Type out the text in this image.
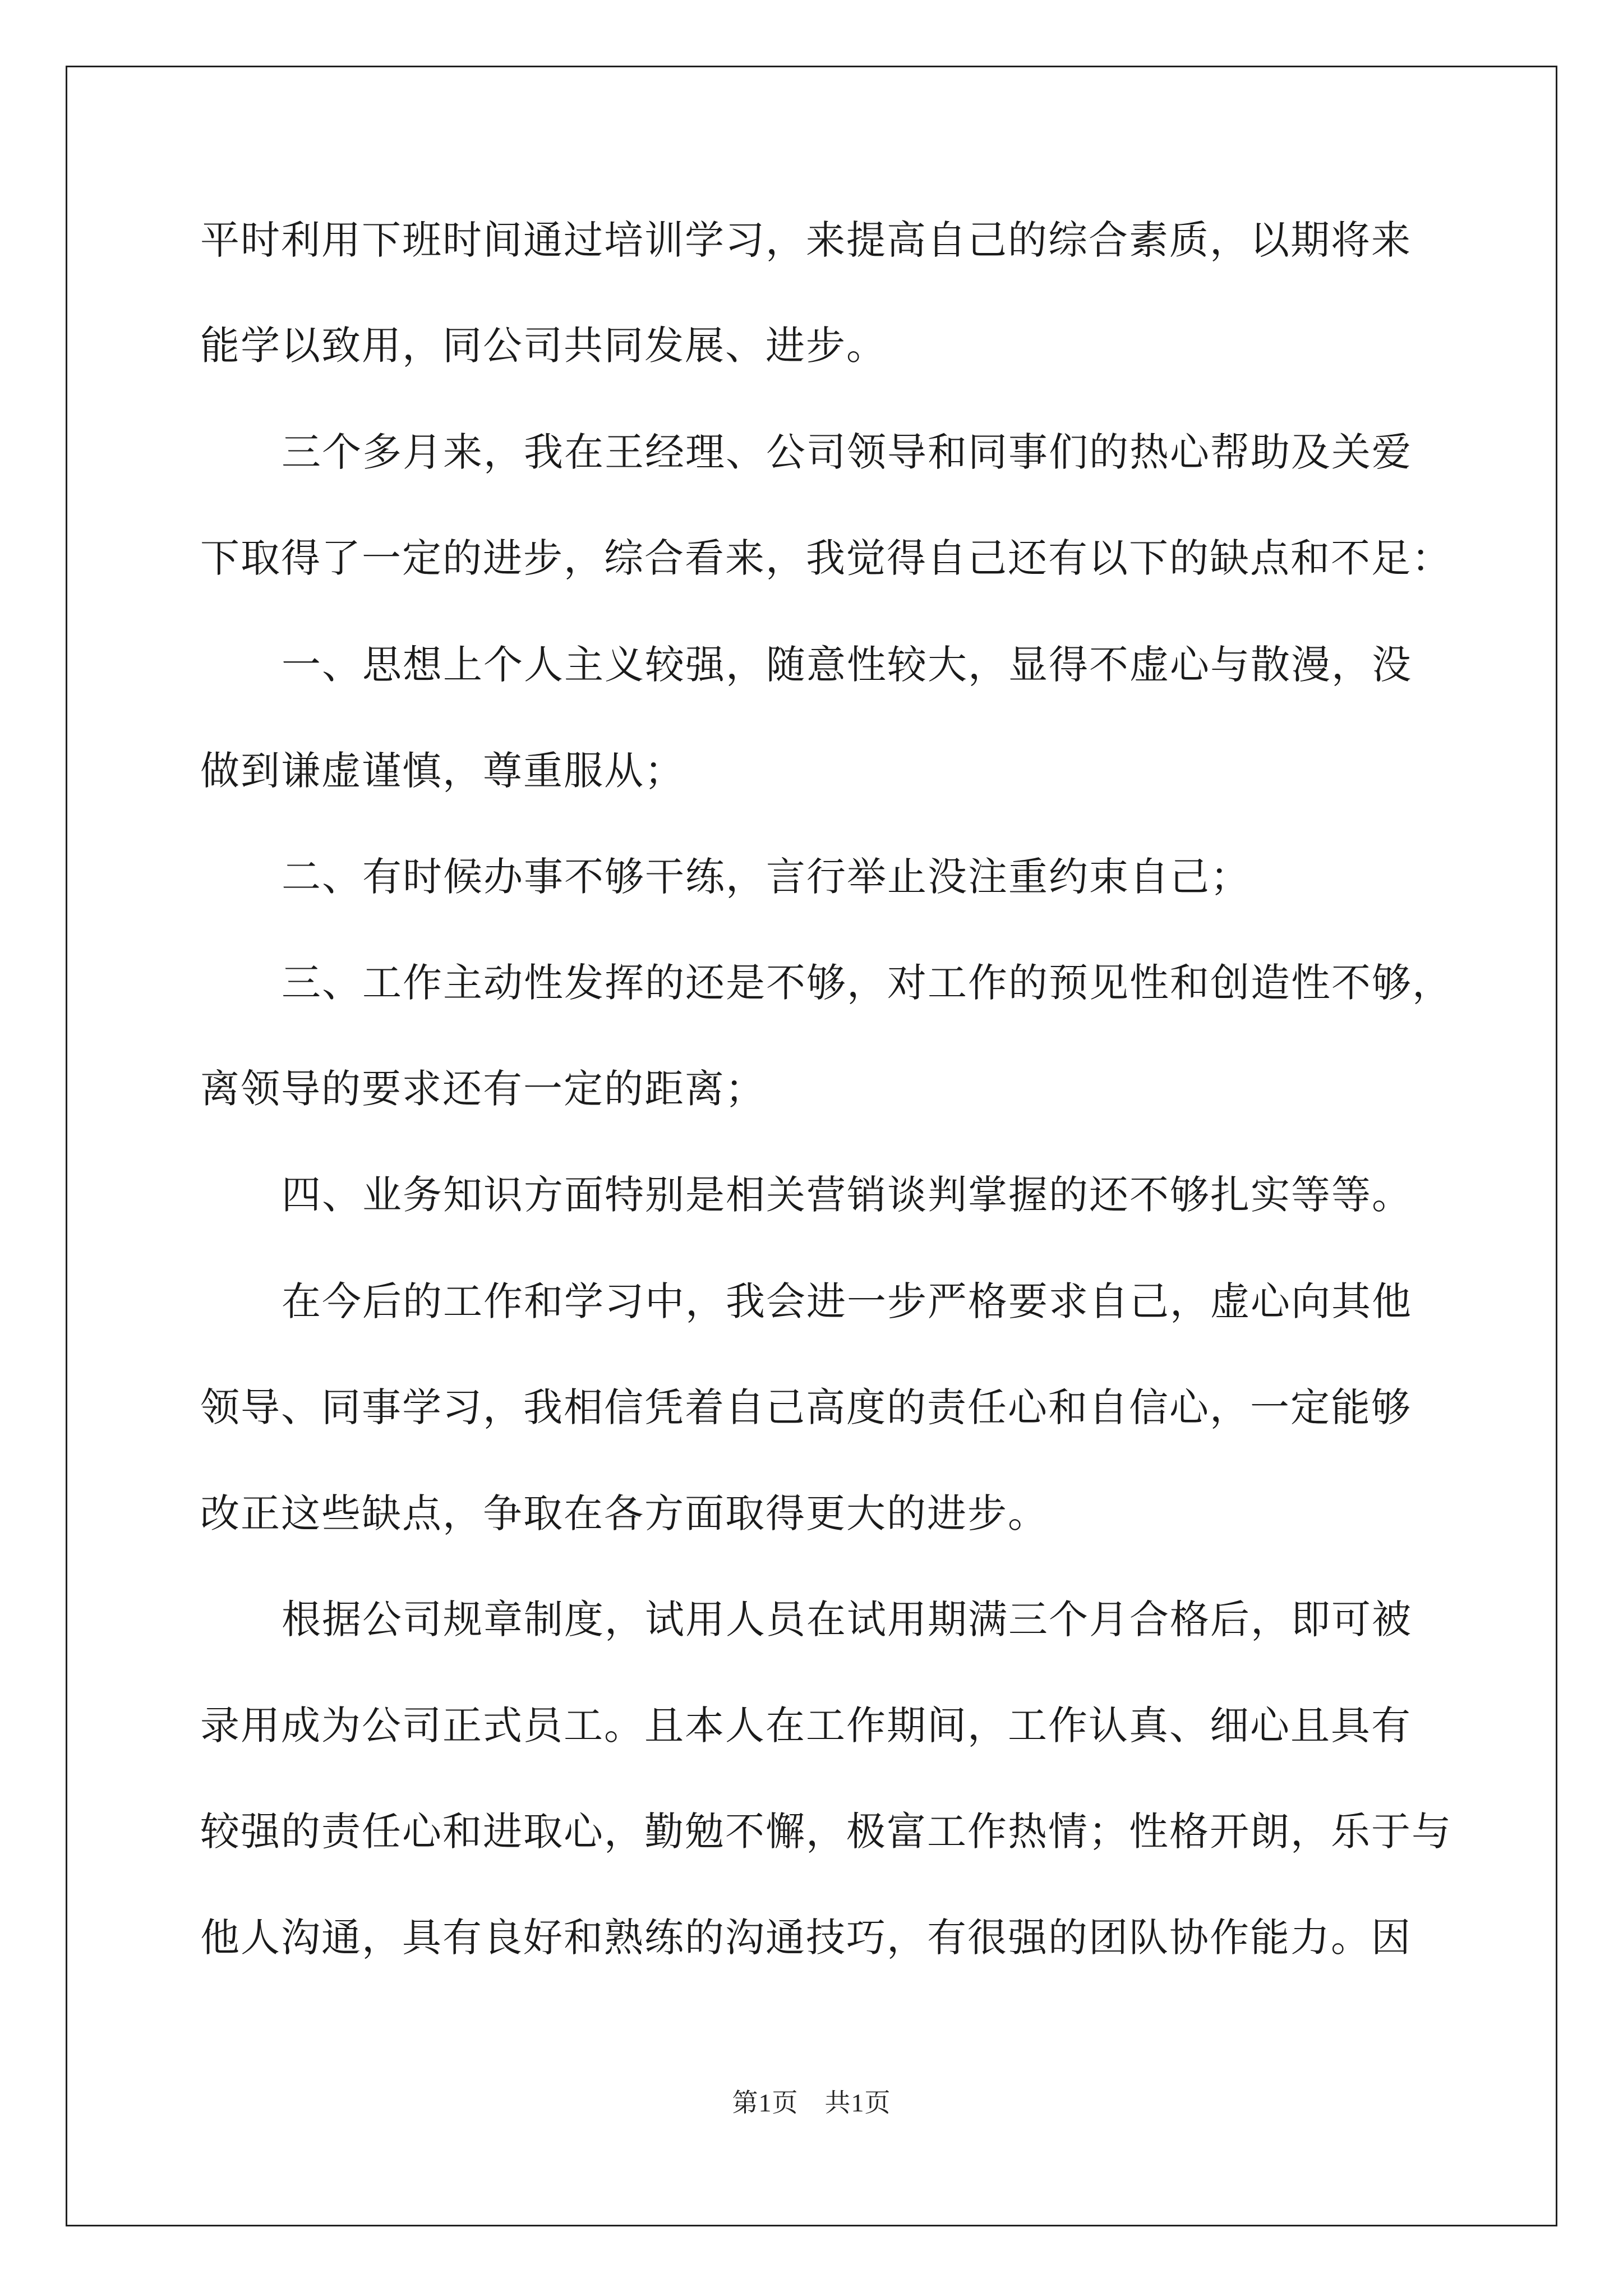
平时利用下班时间通过培训学习，来提高自己的综合素质，以期将来
能学以致用，同公司共同发展、进步。
三个多月来，我在王经理、公司领导和同事们的热心帮助及关爱
下取得了一定的进步，综合看来，我觉得自己还有以下的缺点和不足：
一、思想上个人主义较强，随意性较大，显得不虚心与散漫，没
做到谦虚谨慎，尊重服从；
二、有时候办事不够干练，言行举止没注重约束自己；
三、工作主动性发挥的还是不够，对工作的预见性和创造性不够，
离领导的要求还有一定的距离；
四、业务知识方面特别是相关营销谈判掌握的还不够扎实等等。
在今后的工作和学习中，我会进一步严格要求自己，虚心向其他
领导、同事学习，我相信凭着自己高度的责任心和自信心，一定能够
改正这些缺点，争取在各方面取得更大的进步。
根据公司规章制度，试用人员在试用期满三个月合格后，即可被
录用成为公司正式员工。且本人在工作期间，工作认真、细心且具有
较强的责任心和进取心，勤勉不懈，极富工作热情；性格开朗，乐于与
他人沟通，具有良好和熟练的沟通技巧，有很强的团队协作能力。因
第1页　共1页
